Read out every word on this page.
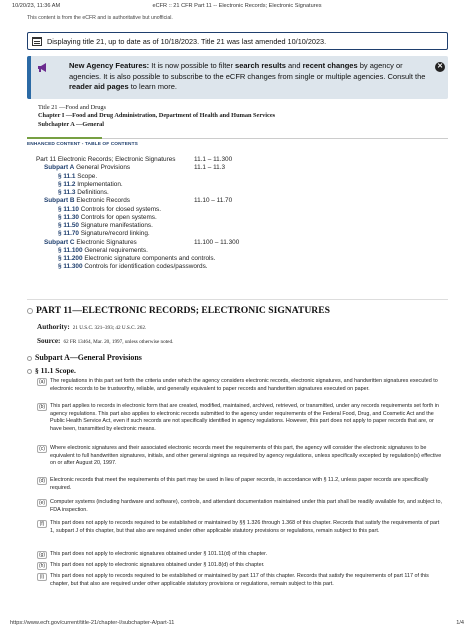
10/20/23, 11:36 AM	eCFR :: 21 CFR Part 11 -- Electronic Records; Electronic Signatures
This content is from the eCFR and is authoritative but unofficial.
Displaying title 21, up to date as of 10/18/2023. Title 21 was last amended 10/10/2023.
New Agency Features: It is now possible to filter search results and recent changes by agency or agencies. It is also possible to subscribe to the eCFR changes from single or multiple agencies. Consult the reader aid pages to learn more.
✕
Title 21 —Food and Drugs
Chapter I —Food and Drug Administration, Department of Health and Human Services
Subchapter A —General
ENHANCED CONTENT - TABLE OF CONTENTS
Part 11 Electronic Records; Electronic Signatures	11.1 – 11.300
Subpart A General Provisions	11.1 – 11.3
§ 11.1 Scope.
§ 11.2 Implementation.
§ 11.3 Definitions.
Subpart B Electronic Records	11.10 – 11.70
§ 11.10 Controls for closed systems.
§ 11.30 Controls for open systems.
§ 11.50 Signature manifestations.
§ 11.70 Signature/record linking.
Subpart C Electronic Signatures	11.100 – 11.300
§ 11.100 General requirements.
§ 11.200 Electronic signature components and controls.
§ 11.300 Controls for identification codes/passwords.
PART 11—ELECTRONIC RECORDS; ELECTRONIC SIGNATURES
Authority: 21 U.S.C. 321–393; 42 U.S.C. 262.
Source: 62 FR 13464, Mar. 20, 1997, unless otherwise noted.
Subpart A—General Provisions
§ 11.1 Scope.
(a) The regulations in this part set forth the criteria under which the agency considers electronic records, electronic signatures, and handwritten signatures executed to electronic records to be trustworthy, reliable, and generally equivalent to paper records and handwritten signatures executed on paper.
(b) This part applies to records in electronic form that are created, modified, maintained, archived, retrieved, or transmitted, under any records requirements set forth in agency regulations. This part also applies to electronic records submitted to the agency under requirements of the Federal Food, Drug, and Cosmetic Act and the Public Health Service Act, even if such records are not specifically identified in agency regulations. However, this part does not apply to paper records that are, or have been, transmitted by electronic means.
(c) Where electronic signatures and their associated electronic records meet the requirements of this part, the agency will consider the electronic signatures to be equivalent to full handwritten signatures, initials, and other general signings as required by agency regulations, unless specifically excepted by regulation(s) effective on or after August 20, 1997.
(d) Electronic records that meet the requirements of this part may be used in lieu of paper records, in accordance with § 11.2, unless paper records are specifically required.
(e) Computer systems (including hardware and software), controls, and attendant documentation maintained under this part shall be readily available for, and subject to, FDA inspection.
(f)	This part does not apply to records required to be established or maintained by §§ 1.326 through 1.368 of this chapter. Records that satisfy the requirements of part 1, subpart J of this chapter, but that also are required under other applicable statutory provisions or regulations, remain subject to this part.
(g) This part does not apply to electronic signatures obtained under § 101.11(d) of this chapter.
(h) This part does not apply to electronic signatures obtained under § 101.8(d) of this chapter.
(i)	This part does not apply to records required to be established or maintained by part 117 of this chapter. Records that satisfy the requirements of part 117 of this chapter, but that also are required under other applicable statutory provisions or regulations, remain subject to this part.
https://www.ecfr.gov/current/title-21/chapter-I/subchapter-A/part-11	1/4
